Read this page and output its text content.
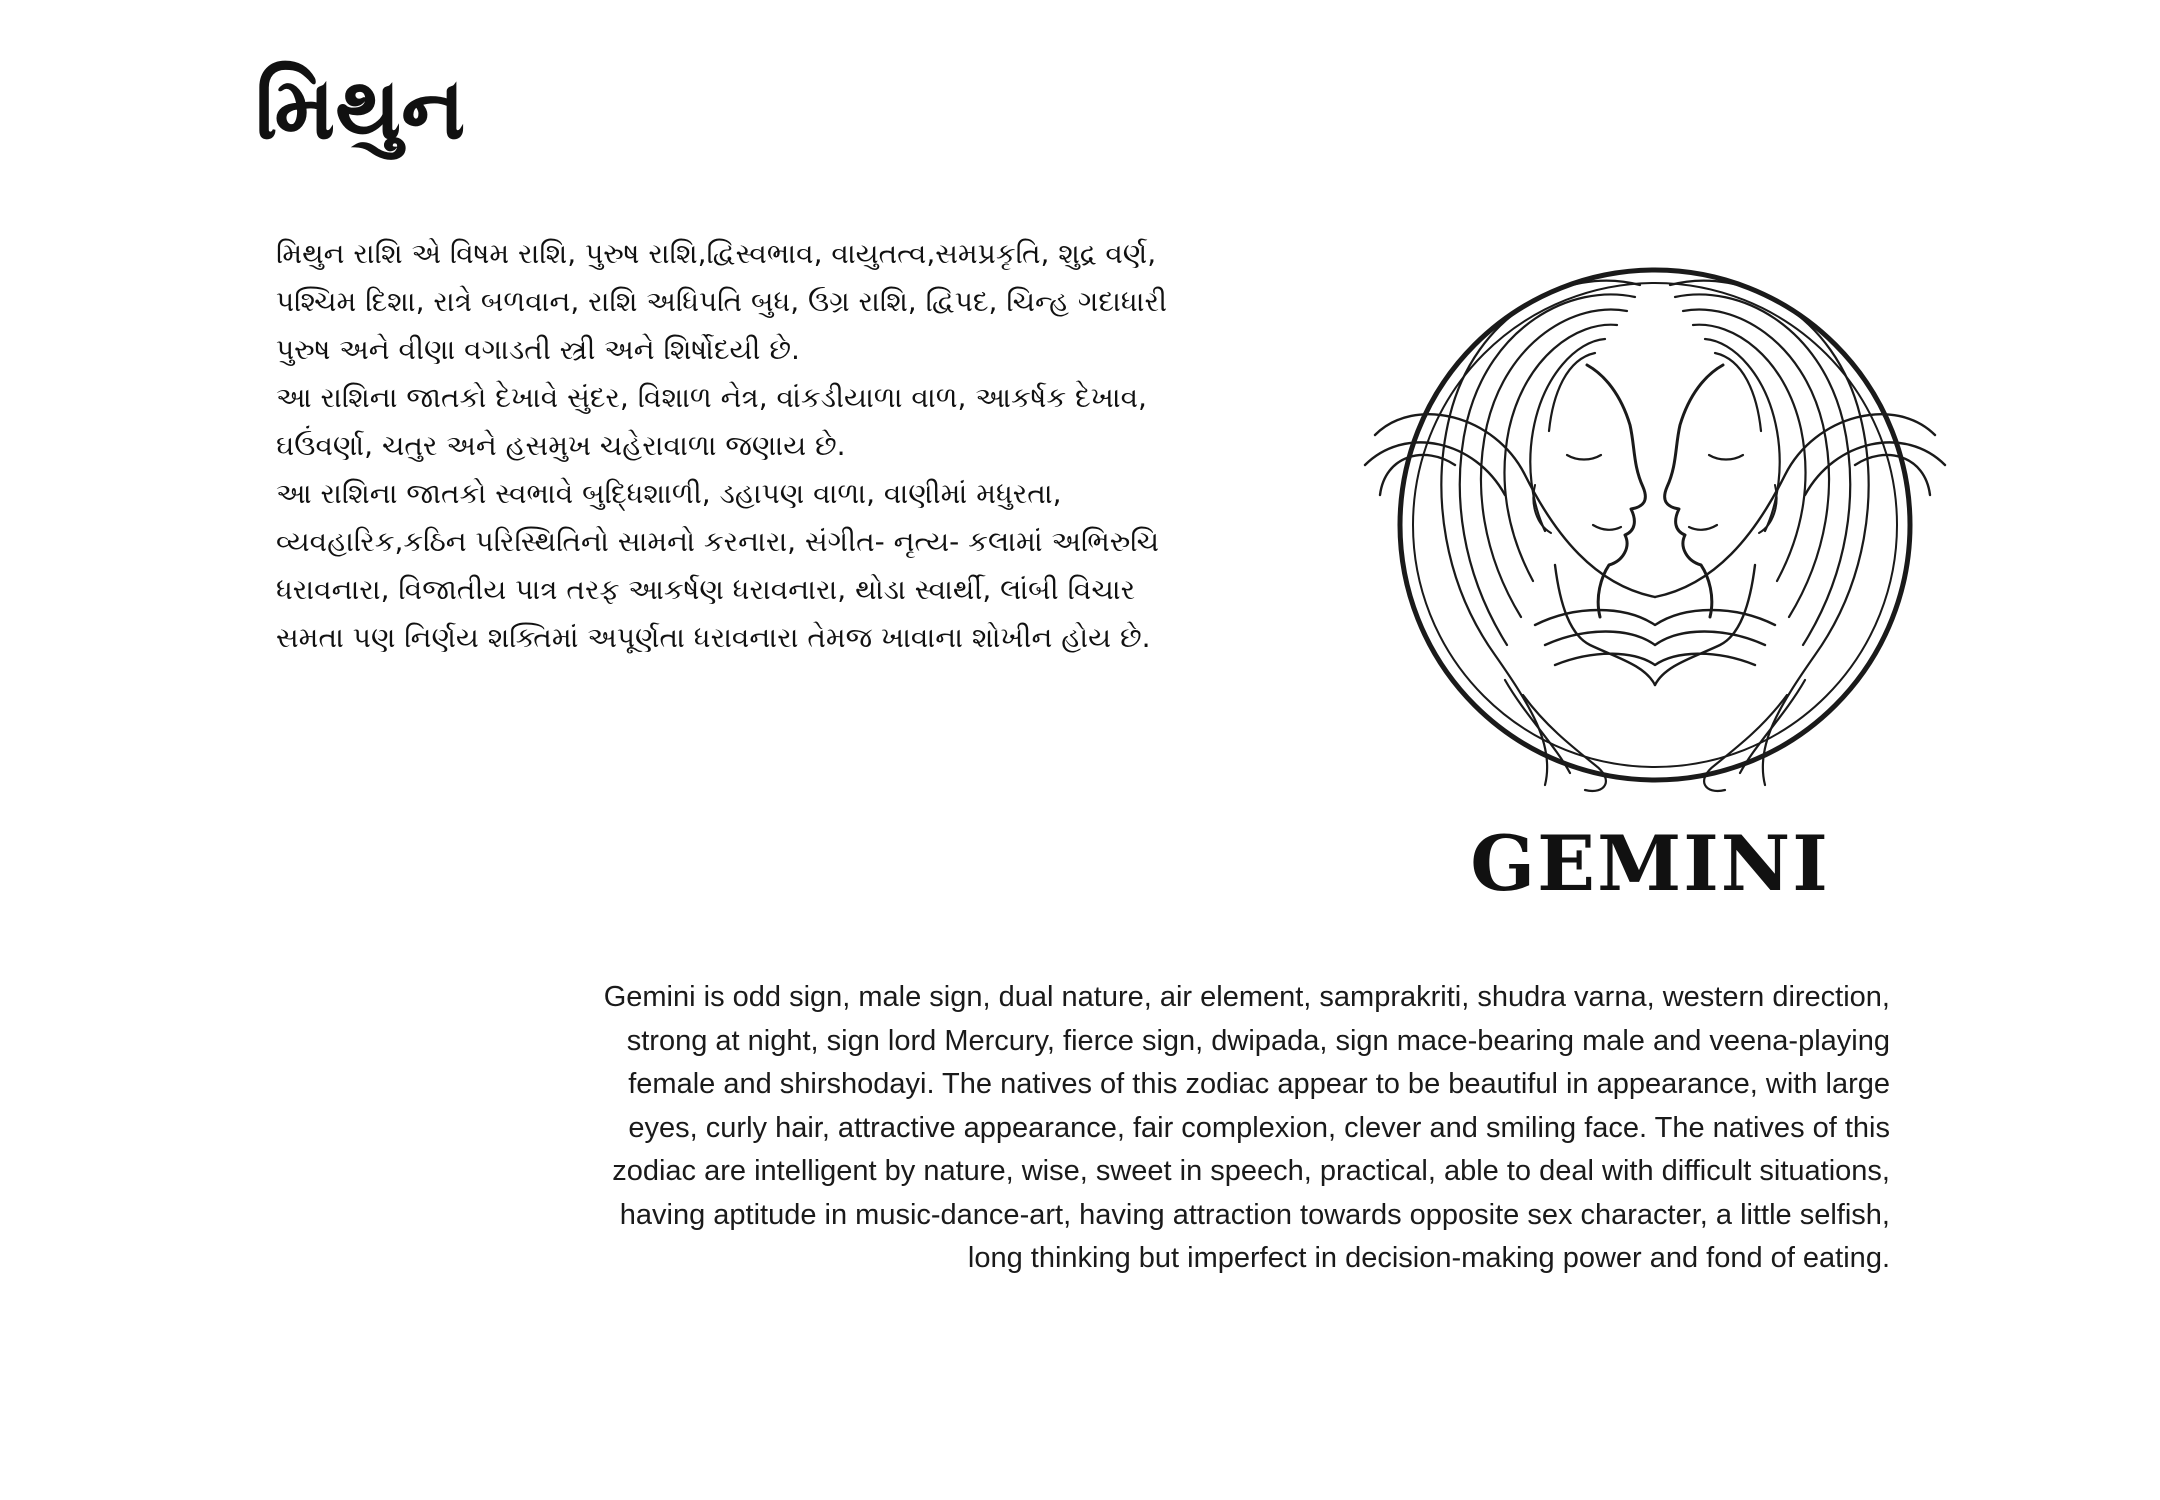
મિથુન
મિથુન રાશિ એ વિષમ રાશિ, પુરુષ રાશિ,દ્વિસ્વભાવ, વાયુતત્વ,સમપ્રકૃતિ, શુદ્ર વર્ણ,
પશ્ચિમ દિશા, રાત્રે બળવાન, રાશિ અધિપતિ બુધ, ઉગ્ર રાશિ, દ્વિપદ, ચિન્હ ગદાધારી
પુરુષ અને વીણા વગાડતી સ્ત્રી અને શિર્ષોદયી છે.
આ રાશિના જાતકો દેખાવે સુંદર, વિશાળ નેત્ર, વાંકડીયાળા વાળ, આકર્ષક દેખાવ,
ઘઉંવર્ણા, ચતુર અને હસમુખ ચહેરાવાળા જણાય છે.
આ રાશિના જાતકો સ્વભાવે બુદ્ધિશાળી, ડહાપણ વાળા, વાણીમાં મધુરતા,
વ્યવહારિક,કઠિન પરિસ્થિતિનો સામનો કરનારા, સંગીત- નૃત્ય- કલામાં અભિરુચિ
ધરાવનારા, વિજાતીય પાત્ર તરફ આકર્ષણ ધરાવનારા, થોડા સ્વાર્થી, લાંબી વિચાર
સમતા પણ નિર્ણય શક્તિમાં અપૂર્ણતા ધરાવનારા તેમજ ખાવાના શોખીન હોય છે.
GEMINI
Gemini is odd sign, male sign, dual nature, air element, samprakriti, shudra varna, western direction,
strong at night, sign lord Mercury, fierce sign, dwipada, sign mace-bearing male and veena-playing
female and shirshodayi. The natives of this zodiac appear to be beautiful in appearance, with large
eyes, curly hair, attractive appearance, fair complexion, clever and smiling face. The natives of this
zodiac are intelligent by nature, wise, sweet in speech, practical, able to deal with difficult situations,
having aptitude in music-dance-art, having attraction towards opposite sex character, a little selfish,
long thinking but imperfect in decision-making power and fond of eating.
